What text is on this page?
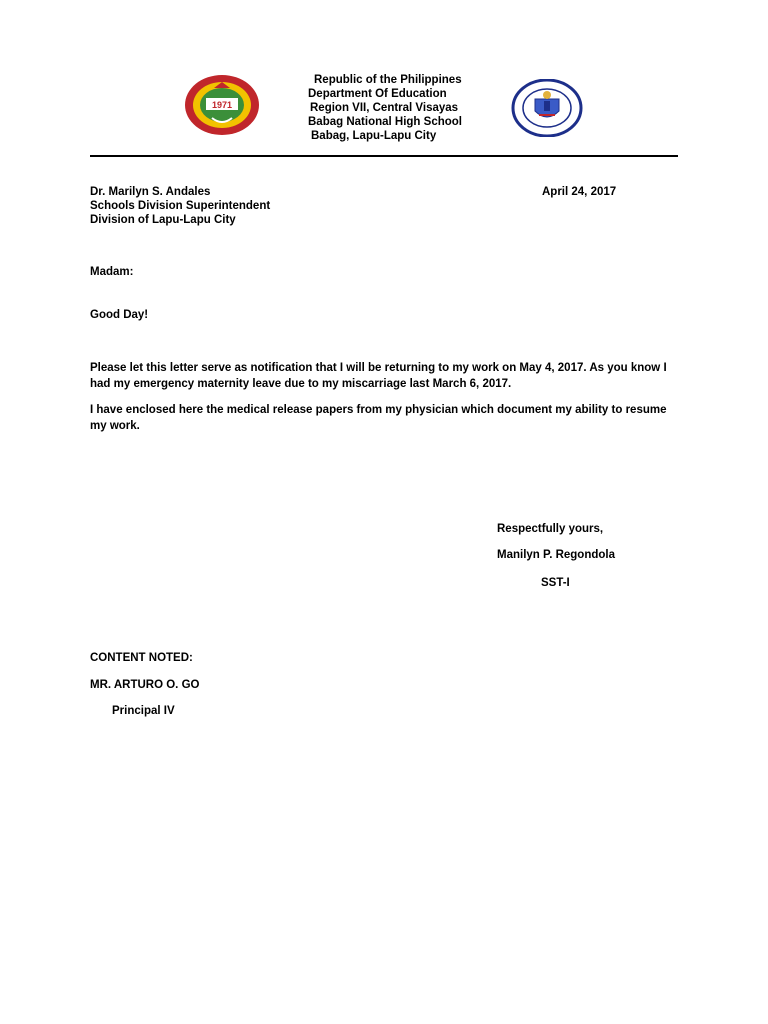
1971
Republic of the Philippines
Department Of Education
Region VII, Central Visayas
Babag National High School
Babag, Lapu-Lapu City
Dr. Marilyn S. Andales
Schools Division Superintendent
Division of Lapu-Lapu City
April 24, 2017
Madam:
Good Day!
Please let this letter serve as notification that I will be returning to my work on May 4, 2017. As you know I had my emergency maternity leave due to my miscarriage last March 6, 2017.
I have enclosed here the medical release papers from my physician which document my ability to resume my work.
Respectfully yours,
Manilyn P. Regondola
SST-I
CONTENT NOTED:
MR. ARTURO O. GO
Principal IV
